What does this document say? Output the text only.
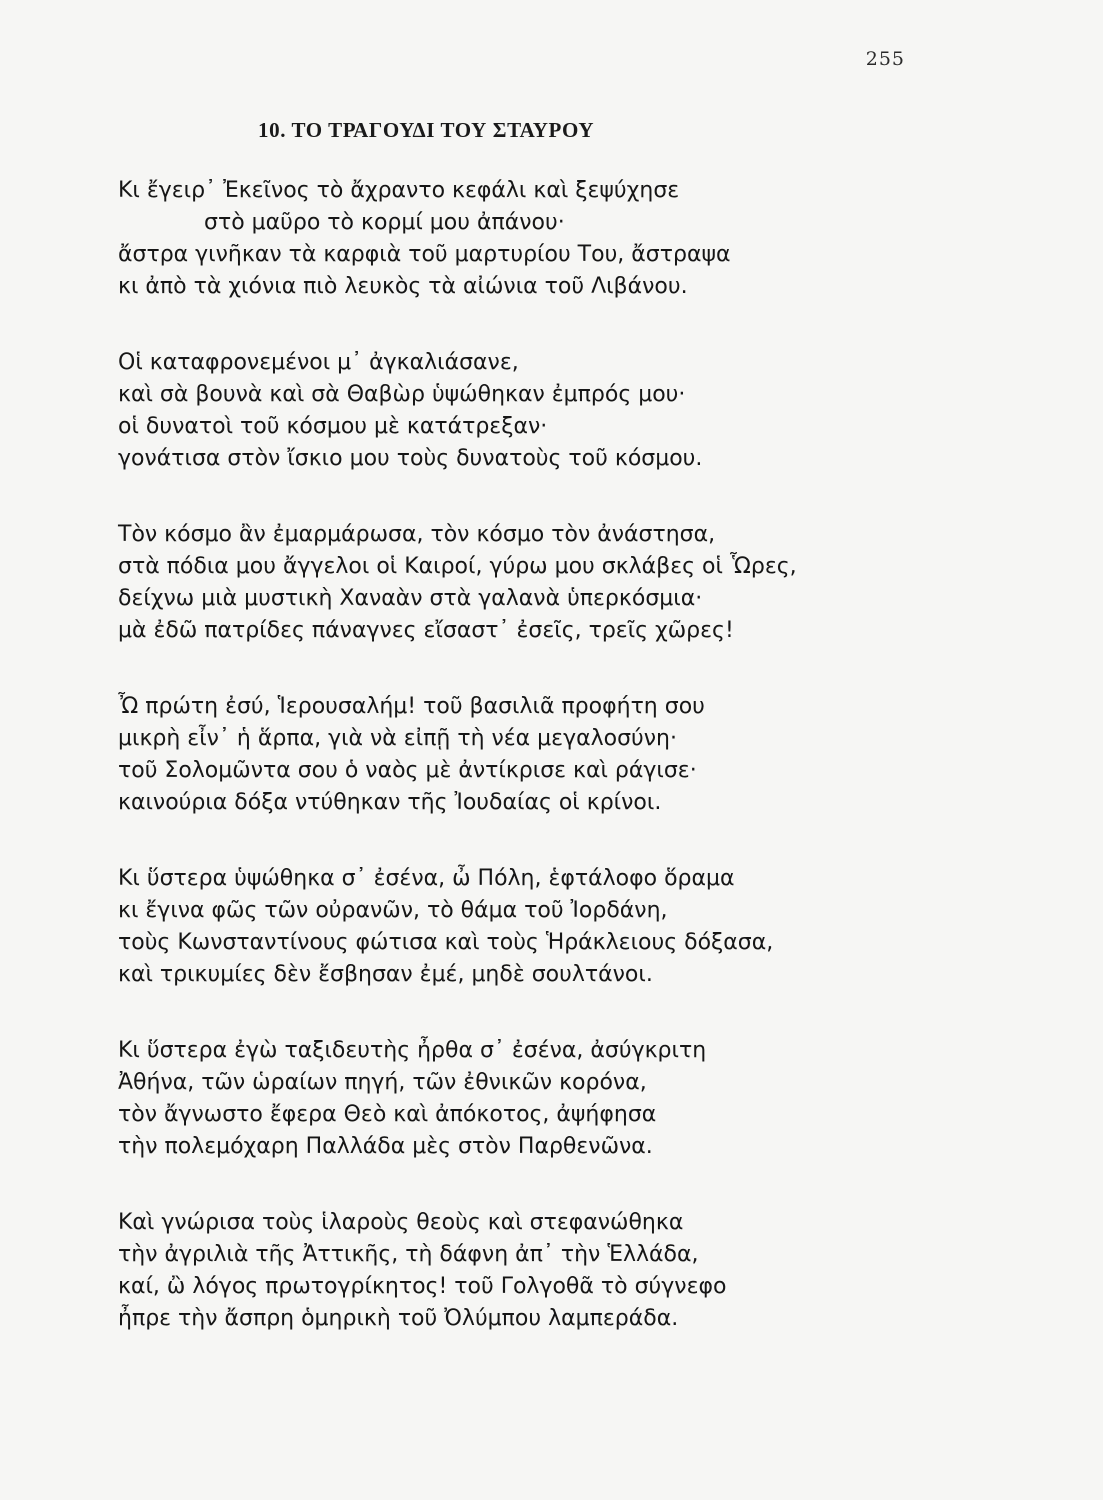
255
10. ΤΟ ΤΡΑΓΟΥΔΙ ΤΟΥ ΣΤΑΥΡΟΥ
Κι ἔγειρ᾽ Ἐκεῖνος τὸ ἄχραντο κεφάλι καὶ ξεψύχησε
στὸ μαῦρο τὸ κορμί μου ἀπάνου·
ἄστρα γινῆκαν τὰ καρφιὰ τοῦ μαρτυρίου Του, ἄστραψα
κι ἀπὸ τὰ χιόνια πιὸ λευκὸς τὰ αἰώνια τοῦ Λιβάνου.
Οἱ καταφρονεμένοι μ᾽ ἀγκαλιάσανε,
καὶ σὰ βουνὰ καὶ σὰ Θαβὼρ ὑψώθηκαν ἐμπρός μου·
οἱ δυνατοὶ τοῦ κόσμου μὲ κατάτρεξαν·
γονάτισα στὸν ἴσκιο μου τοὺς δυνατοὺς τοῦ κόσμου.
Τὸν κόσμο ἂν ἐμαρμάρωσα, τὸν κόσμο τὸν ἀνάστησα,
στὰ πόδια μου ἄγγελοι οἱ Καιροί, γύρω μου σκλάβες οἱ Ὧρες,
δείχνω μιὰ μυστικὴ Χαναὰν στὰ γαλανὰ ὑπερκόσμια·
μὰ ἐδῶ πατρίδες πάναγνες εἴσαστ᾽ ἐσεῖς, τρεῖς χῶρες!
Ὦ πρώτη ἐσύ, Ἱερουσαλήμ! τοῦ βασιλιᾶ προφήτη σου
μικρὴ εἶν᾽ ἡ ἅρπα, γιὰ νὰ εἰπῇ τὴ νέα μεγαλοσύνη·
τοῦ Σολομῶντα σου ὁ ναὸς μὲ ἀντίκρισε καὶ ράγισε·
καινούρια δόξα ντύθηκαν τῆς Ἰουδαίας οἱ κρίνοι.
Κι ὕστερα ὑψώθηκα σ᾽ ἐσένα, ὦ Πόλη, ἑφτάλοφο ὅραμα
κι ἔγινα φῶς τῶν οὐρανῶν, τὸ θάμα τοῦ Ἰορδάνη,
τοὺς Κωνσταντίνους φώτισα καὶ τοὺς Ἡράκλειους δόξασα,
καὶ τρικυμίες δὲν ἔσβησαν ἐμέ, μηδὲ σουλτάνοι.
Κι ὕστερα ἐγὼ ταξιδευτὴς ἦρθα σ᾽ ἐσένα, ἀσύγκριτη
Ἀθήνα, τῶν ὡραίων πηγή, τῶν ἐθνικῶν κορόνα,
τὸν ἄγνωστο ἔφερα Θεὸ καὶ ἀπόκοτος, ἀψήφησα
τὴν πολεμόχαρη Παλλάδα μὲς στὸν Παρθενῶνα.
Καὶ γνώρισα τοὺς ἱλαροὺς θεοὺς καὶ στεφανώθηκα
τὴν ἀγριλιὰ τῆς Ἀττικῆς, τὴ δάφνη ἀπ᾽ τὴν Ἑλλάδα,
καί, ὢ λόγος πρωτογρίκητος! τοῦ Γολγοθᾶ τὸ σύγνεφο
ἦπρε τὴν ἄσπρη ὁμηρικὴ τοῦ Ὀλύμπου λαμπεράδα.
